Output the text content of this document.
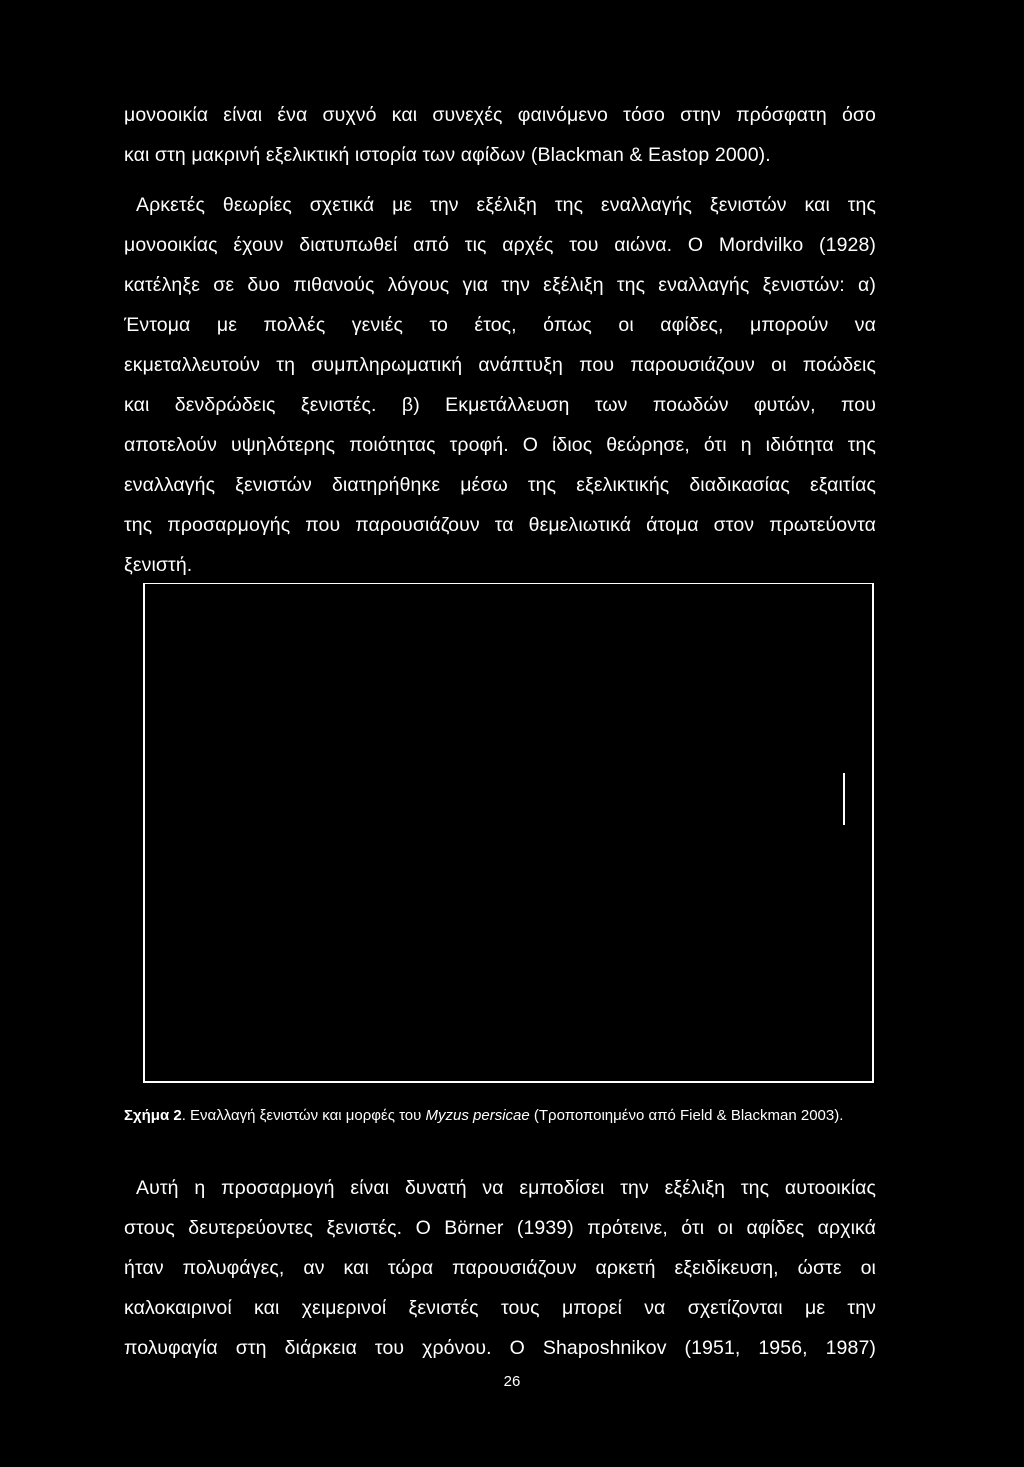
μονοοικία είναι ένα συχνό και συνεχές φαινόμενο τόσο στην πρόσφατη όσο
και στη μακρινή εξελικτική ιστορία των αφίδων (Blackman & Eastop 2000).
Αρκετές θεωρίες σχετικά με την εξέλιξη της εναλλαγής ξενιστών και της
μονοοικίας έχουν διατυπωθεί από τις αρχές του αιώνα. Ο Mordvilko (1928)
κατέληξε σε δυο πιθανούς λόγους για την εξέλιξη της εναλλαγής ξενιστών: α)
Έντομα με πολλές γενιές το έτος, όπως οι αφίδες, μπορούν να
εκμεταλλευτούν τη συμπληρωματική ανάπτυξη που παρουσιάζουν οι ποώδεις
και δενδρώδεις ξενιστές. β) Εκμετάλλευση των ποωδών φυτών, που
αποτελούν υψηλότερης ποιότητας τροφή. Ο ίδιος θεώρησε, ότι η ιδιότητα της
εναλλαγής ξενιστών διατηρήθηκε μέσω της εξελικτικής διαδικασίας εξαιτίας
της προσαρμογής που παρουσιάζουν τα θεμελιωτικά άτομα στον πρωτεύοντα
ξενιστή.
Σχήμα 2. Εναλλαγή ξενιστών και μορφές του Myzus persicae (Τροποποιημένο από Field & Blackman 2003).
Αυτή η προσαρμογή είναι δυνατή να εμποδίσει την εξέλιξη της αυτοοικίας
στους δευτερεύοντες ξενιστές. Ο Börner (1939) πρότεινε, ότι οι αφίδες αρχικά
ήταν πολυφάγες, αν και τώρα παρουσιάζουν αρκετή εξειδίκευση, ώστε οι
καλοκαιρινοί και χειμερινοί ξενιστές τους μπορεί να σχετίζονται με την
πολυφαγία στη διάρκεια του χρόνου. Ο Shaposhnikov (1951, 1956, 1987)
26
